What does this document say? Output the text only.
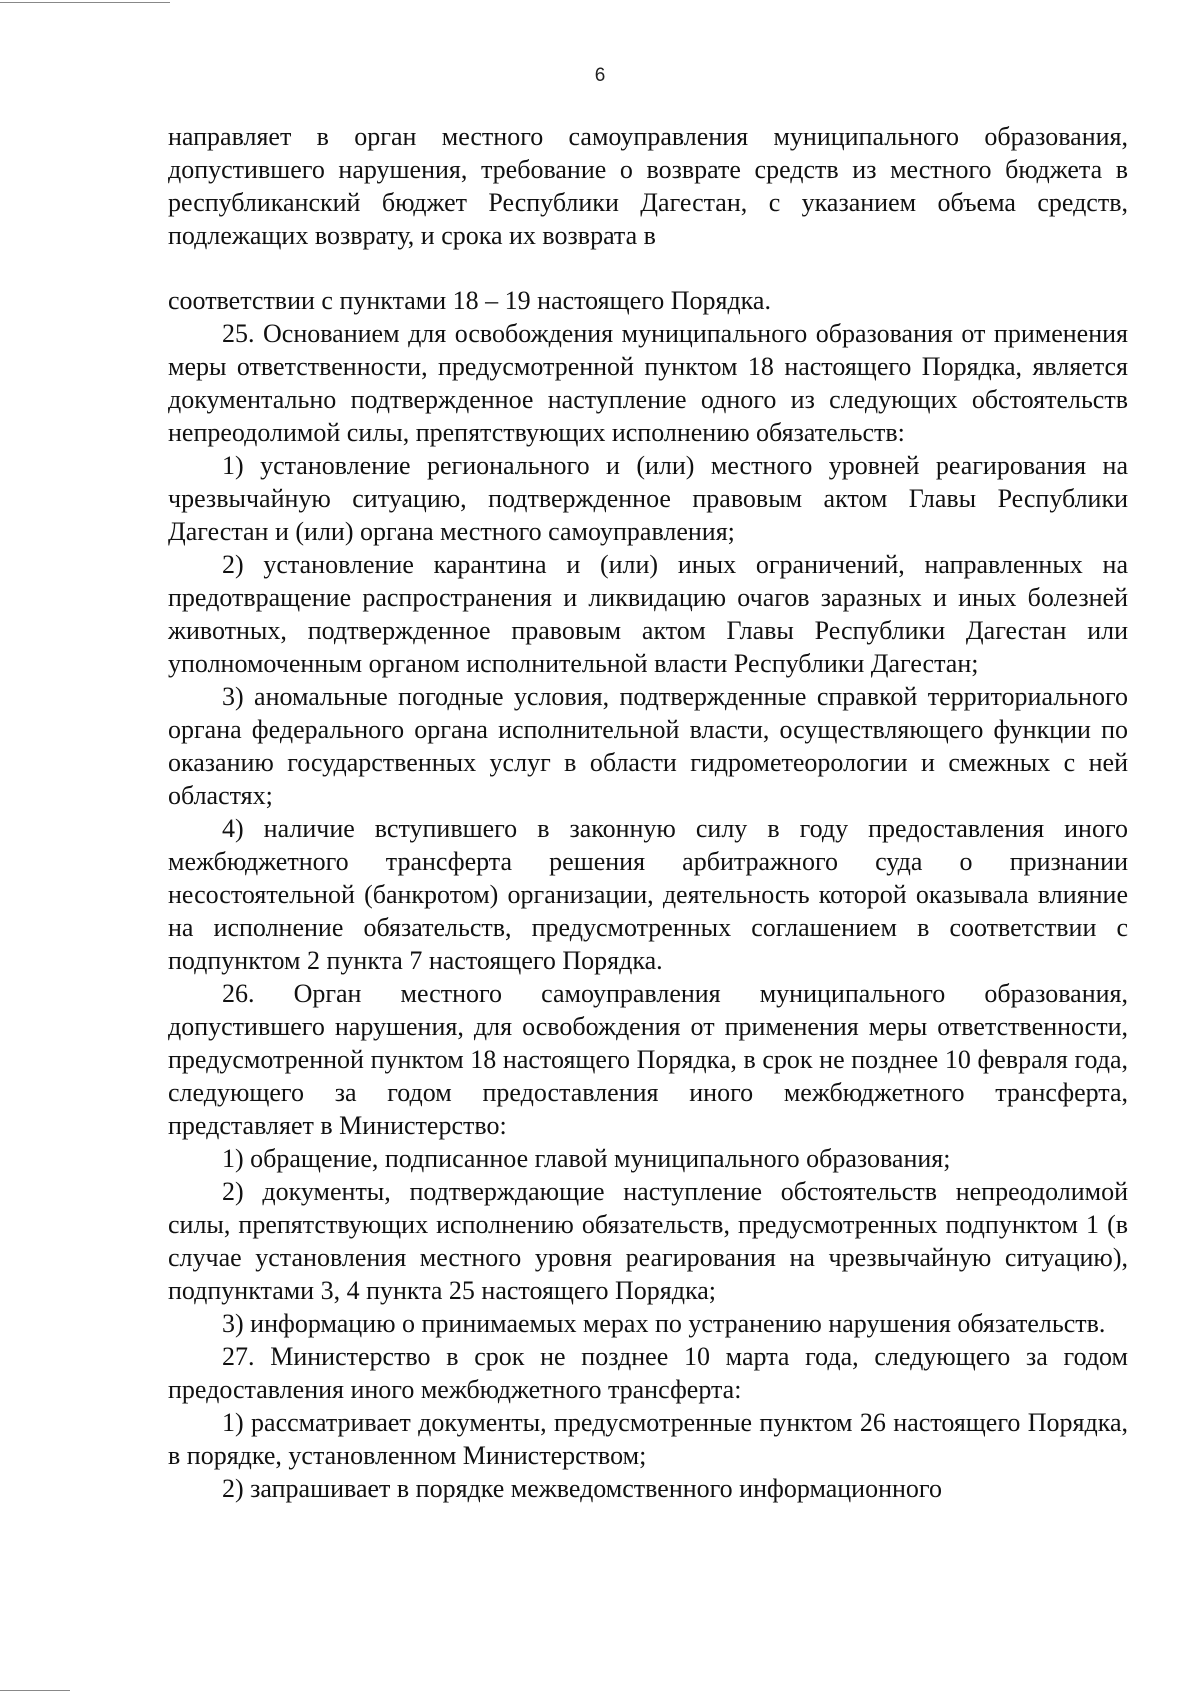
6

направляет в орган местного самоуправления муниципального образования, допустившего нарушения, требование о возврате средств из местного бюджета в республиканский бюджет Республики Дагестан, с указанием объема средств, подлежащих возврату, и срока их возврата в

соответствии с пунктами 18 – 19 настоящего Порядка.

25. Основанием для освобождения муниципального образования от применения меры ответственности, предусмотренной пунктом 18 настоящего Порядка, является документально подтвержденное наступление одного из следующих обстоятельств непреодолимой силы, препятствующих исполнению обязательств:

1) установление регионального и (или) местного уровней реагирования на чрезвычайную ситуацию, подтвержденное правовым актом Главы Республики Дагестан и (или) органа местного самоуправления;

2) установление карантина и (или) иных ограничений, направленных на предотвращение распространения и ликвидацию очагов заразных и иных болезней животных, подтвержденное правовым актом Главы Республики Дагестан или уполномоченным органом исполнительной власти Республики Дагестан;

3) аномальные погодные условия, подтвержденные справкой территориального органа федерального органа исполнительной власти, осуществляющего функции по оказанию государственных услуг в области гидрометеорологии и смежных с ней областях;

4) наличие вступившего в законную силу в году предоставления иного межбюджетного трансферта решения арбитражного суда о признании несостоятельной (банкротом) организации, деятельность которой оказывала влияние на исполнение обязательств, предусмотренных соглашением в соответствии с подпунктом 2 пункта 7 настоящего Порядка.

26. Орган местного самоуправления муниципального образования, допустившего нарушения, для освобождения от применения меры ответственности, предусмотренной пунктом 18 настоящего Порядка, в срок не позднее 10 февраля года, следующего за годом предоставления иного межбюджетного трансферта, представляет в Министерство:

1) обращение, подписанное главой муниципального образования;

2) документы, подтверждающие наступление обстоятельств непреодолимой силы, препятствующих исполнению обязательств, предусмотренных подпунктом 1 (в случае установления местного уровня реагирования на чрезвычайную ситуацию), подпунктами 3, 4 пункта 25 настоящего Порядка;

3) информацию о принимаемых мерах по устранению нарушения обязательств.

27. Министерство в срок не позднее 10 марта года, следующего за годом предоставления иного межбюджетного трансферта:

1) рассматривает документы, предусмотренные пунктом 26 настоящего Порядка, в порядке, установленном Министерством;

2) запрашивает в порядке межведомственного информационного
